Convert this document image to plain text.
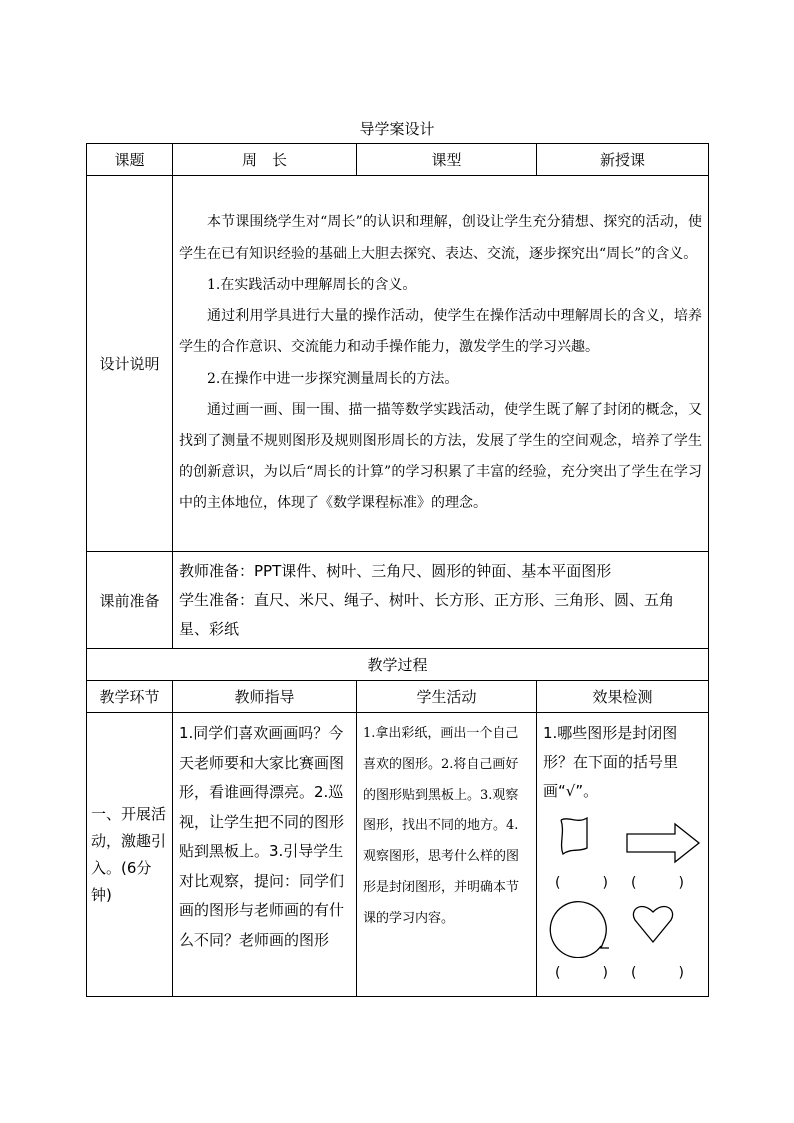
导学案设计
课题	周　长	课型	新授课
设计说明	本节课围绕学生对“周长”的认识和理解，创设让学生充分猜想、探究的活动，使学生在已有知识经验的基础上大胆去探究、表达、交流，逐步探究出“周长”的含义。

1.在实践活动中理解周长的含义。

通过利用学具进行大量的操作活动，使学生在操作活动中理解周长的含义，培养学生的合作意识、交流能力和动手操作能力，激发学生的学习兴趣。

2.在操作中进一步探究测量周长的方法。

通过画一画、围一围、描一描等数学实践活动，使学生既了解了封闭的概念，又找到了测量不规则图形及规则图形周长的方法，发展了学生的空间观念，培养了学生的创新意识，为以后“周长的计算”的学习积累了丰富的经验，充分突出了学生在学习中的主体地位，体现了《数学课程标准》的理念。		

课前准备	教师准备：PPT课件、树叶、三角尺、圆形的钟面、基本平面图形
学生准备：直尺、米尺、绳子、树叶、长方形、正方形、三角形、圆、五角星、彩纸		

教学过程			
教学环节	教师指导	学生活动	效果检测
一、开展活动，激趣引入。(6分钟)	1.同学们喜欢画画吗？今天老师要和大家比赛画图形，看谁画得漂亮。2.巡视，让学生把不同的图形贴到黑板上。3.引导学生对比观察，提问：同学们画的图形与老师画的有什么不同？老师画的图形	1.拿出彩纸，画出一个自己喜欢的图形。2.将自己画好的图形贴到黑板上。3.观察图形，找出不同的地方。4.观察图形，思考什么样的图形是封闭图形，并明确本节课的学习内容。	1.哪些图形是封闭图形？在下面的括号里画“√”。
(　) (　)
(　) (　)
